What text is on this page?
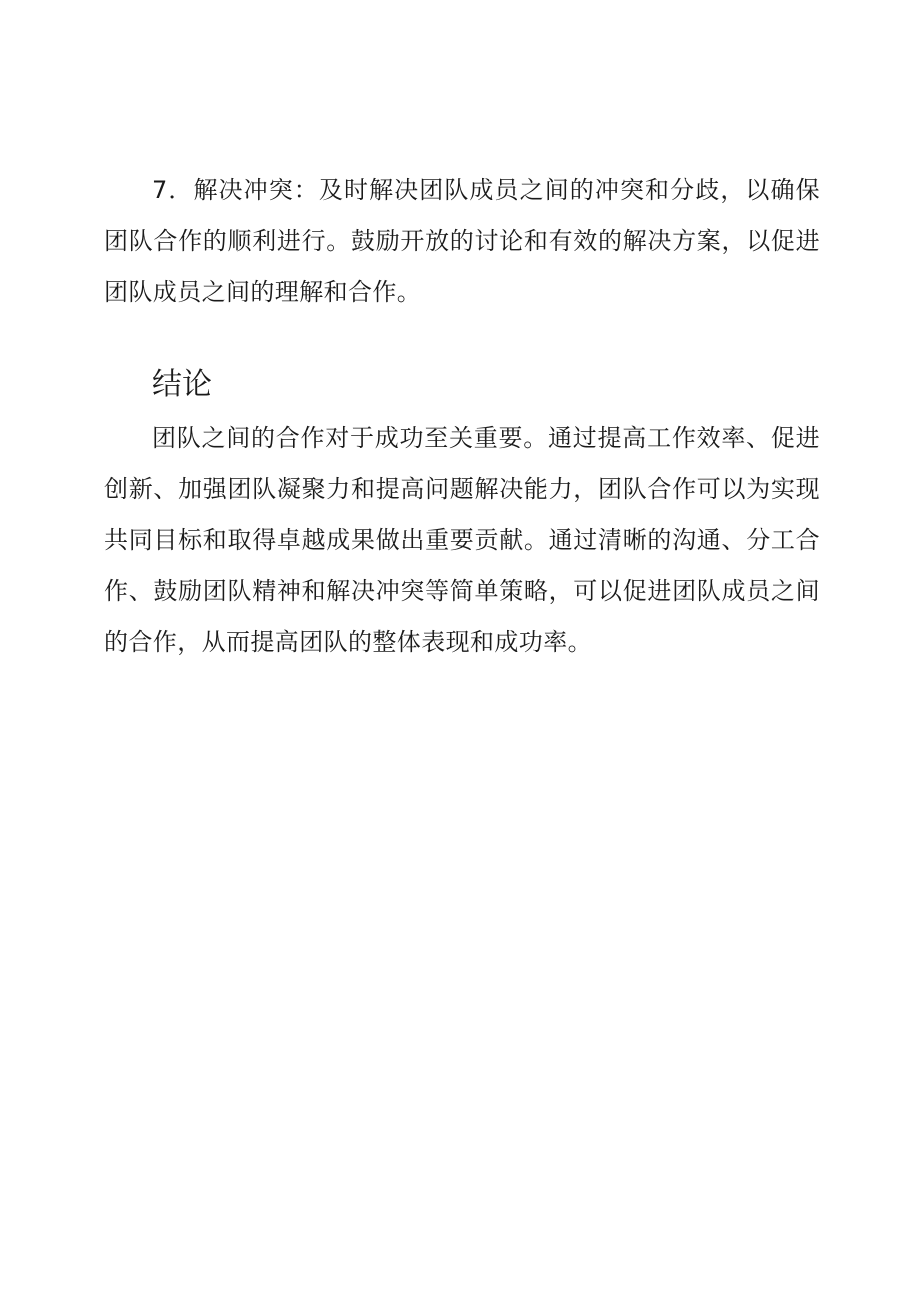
7．解决冲突：及时解决团队成员之间的冲突和分歧，以确保团队合作的顺利进行。鼓励开放的讨论和有效的解决方案，以促进团队成员之间的理解和合作。

结论

团队之间的合作对于成功至关重要。通过提高工作效率、促进创新、加强团队凝聚力和提高问题解决能力，团队合作可以为实现共同目标和取得卓越成果做出重要贡献。通过清晰的沟通、分工合作、鼓励团队精神和解决冲突等简单策略，可以促进团队成员之间的合作，从而提高团队的整体表现和成功率。
